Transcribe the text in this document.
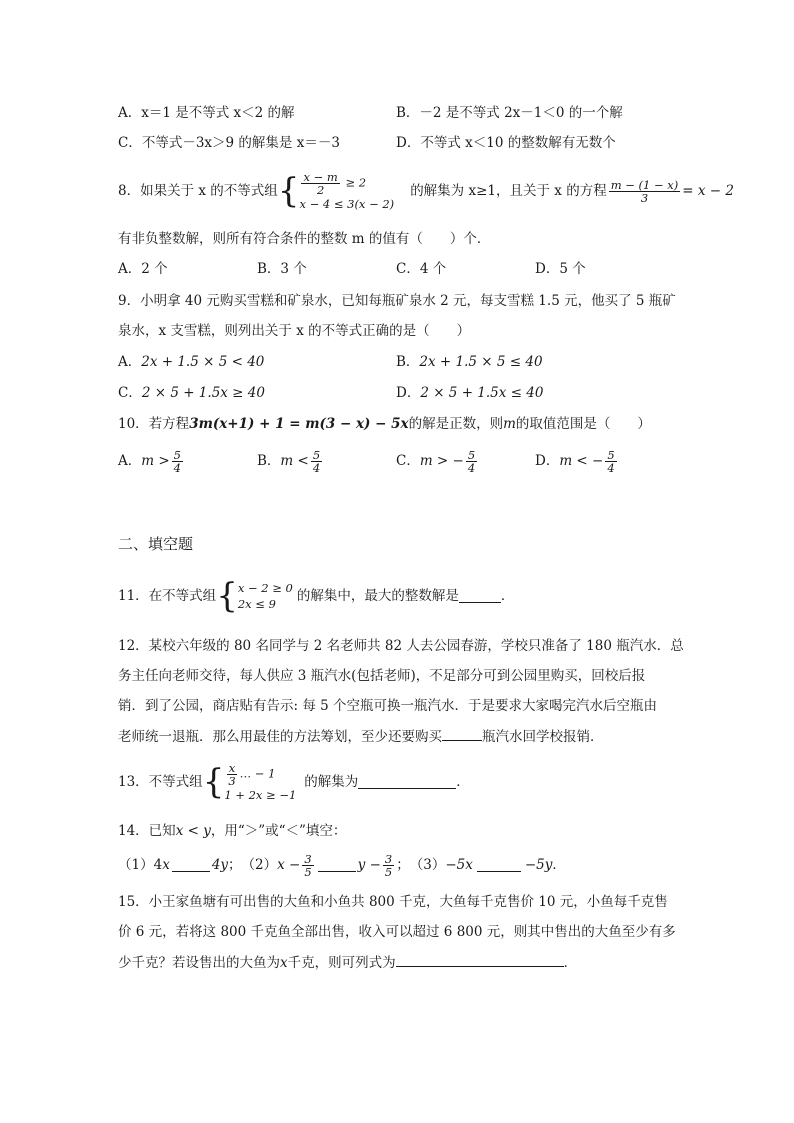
A．x＝1 是不等式 x＜2 的解	B．－2 是不等式 2x－1＜0 的一个解
C．不等式－3x＞9 的解集是 x＝－3	D．不等式 x＜10 的整数解有无数个
8．如果关于 x 的不等式组 { $\frac{x - m}{2} \ge 2$
x − 4 ≤ 3(x − 2)
的解集为 x≥1，且关于 x 的方程 $\frac{m - (1 - x)}{3} = x - 2$
有非负整数解，则所有符合条件的整数 m 的值有（　　）个．
A．2 个	B．3 个	C．4 个	D．5 个
9．小明拿 40 元购买雪糕和矿泉水，已知每瓶矿泉水 2 元，每支雪糕 1.5 元，他买了 5 瓶矿
泉水，x 支雪糕，则列出关于 x 的不等式正确的是（　　）
A．2x + 1.5 × 5 < 40	B．2x + 1.5 × 5 ≤ 40
C．2 × 5 + 1.5x ≥ 40	D．2 × 5 + 1.5x ≤ 40
10．若方程3m(x+1) + 1 = m(3 − x) − 5x的解是正数，则m的取值范围是（　　）
A． $m > \frac{5}{4}$	B． $m < \frac{5}{4}$	C． m > − $\frac{5}{4}$	D． m < − $\frac{5}{4}$
二、填空题
11．在不等式组 { x − 2 ≥ 0
2x ≤ 9	的解集中，最大的整数解是	．
12．某校六年级的 80 名同学与 2 名老师共 82 人去公园春游，学校只准备了 180 瓶汽水．总
务主任向老师交待，每人供应 3 瓶汽水(包括老师)，不足部分可到公园里购买，回校后报
销．到了公园，商店贴有告示: 每 5 个空瓶可换一瓶汽水．于是要求大家喝完汽水后空瓶由
老师统一退瓶．那么用最佳的方法筹划，至少还要购买	瓶汽水回学校报销．
13．不等式组 { $\frac{x}{3}$ … − 1
1 + 2x ≥ −1
的解集为	．
14．已知x < y，用“＞”或“＜”填空：
（1）4 x	4y ； （2） $x - \frac{3}{5}$	$y - \frac{3}{5}$ ； （3） −5x	−5y ．
15．小王家鱼塘有可出售的大鱼和小鱼共 800 千克，大鱼每千克售价 10 元，小鱼每千克售
价 6 元，若将这 800 千克鱼全部出售，收入可以超过 6 800 元，则其中售出的大鱼至少有多
少千克？若设售出的大鱼为x千克，则可列式为	．
